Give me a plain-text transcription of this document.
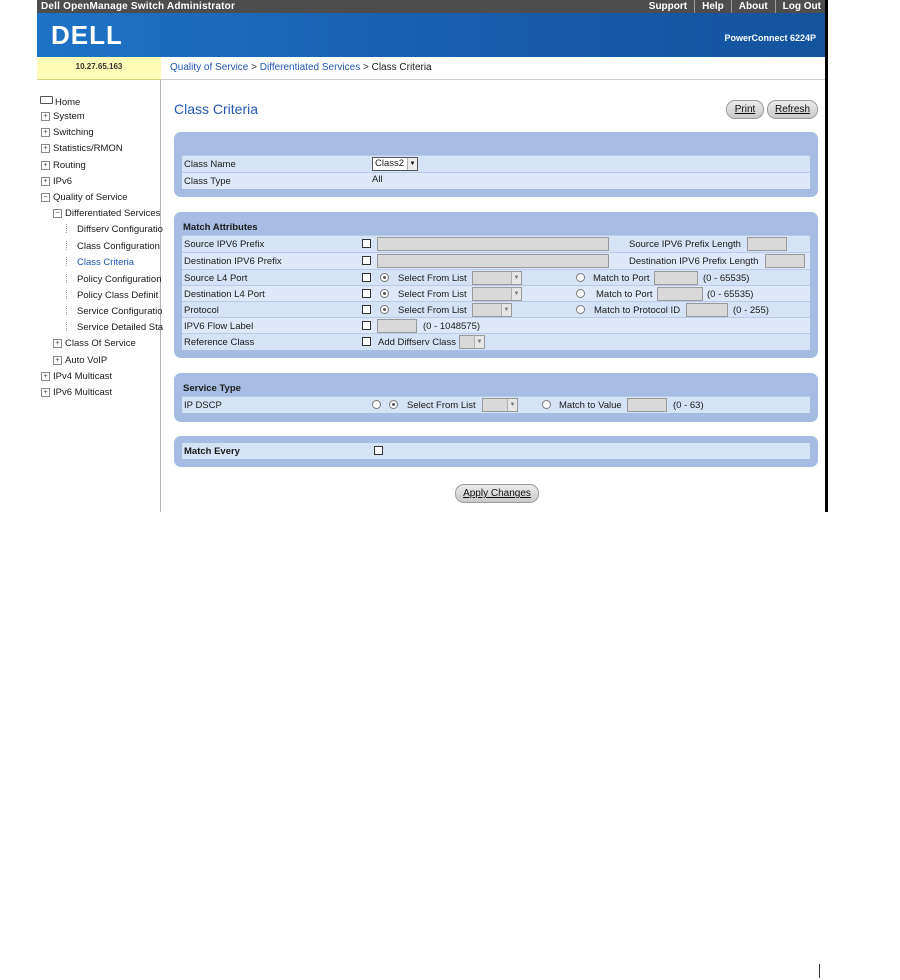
Dell OpenManage Switch Administrator	Support	Help	About	Log Out
DELL	PowerConnect 6224P
10.27.65.163	Quality of Service > Differentiated Services > Class Criteria
Home
+ System
+ Switching
+ Statistics/RMON
+ Routing
+ IPv6
− Quality of Service
− Differentiated Services
Diffserv Configuratio
Class Configuration
Class Criteria
Policy Configuration
Policy Class Definit
Service Configuratio
Service Detailed Sta
+ Class Of Service
+ Auto VoIP
+ IPv4 Multicast
+ IPv6 Multicast
Class Criteria	Print	Refresh
Class Name	Class2 ▼
Class Type	All
Match Attributes
Source IPV6 Prefix	Source IPV6 Prefix Length
Destination IPV6 Prefix	Destination IPV6 Prefix Length
Source L4 Port	Select From List	▼	Match to Port	(0 - 65535)
Destination L4 Port	Select From List	▼	Match to Port	(0 - 65535)
Protocol	Select From List	▼	Match to Protocol ID	(0 - 255)
IPV6 Flow Label	(0 - 1048575)
Reference Class	Add Diffserv Class	▼
Service Type
IP DSCP	Select From List	▼	Match to Value	(0 - 63)
Match Every
Apply Changes
